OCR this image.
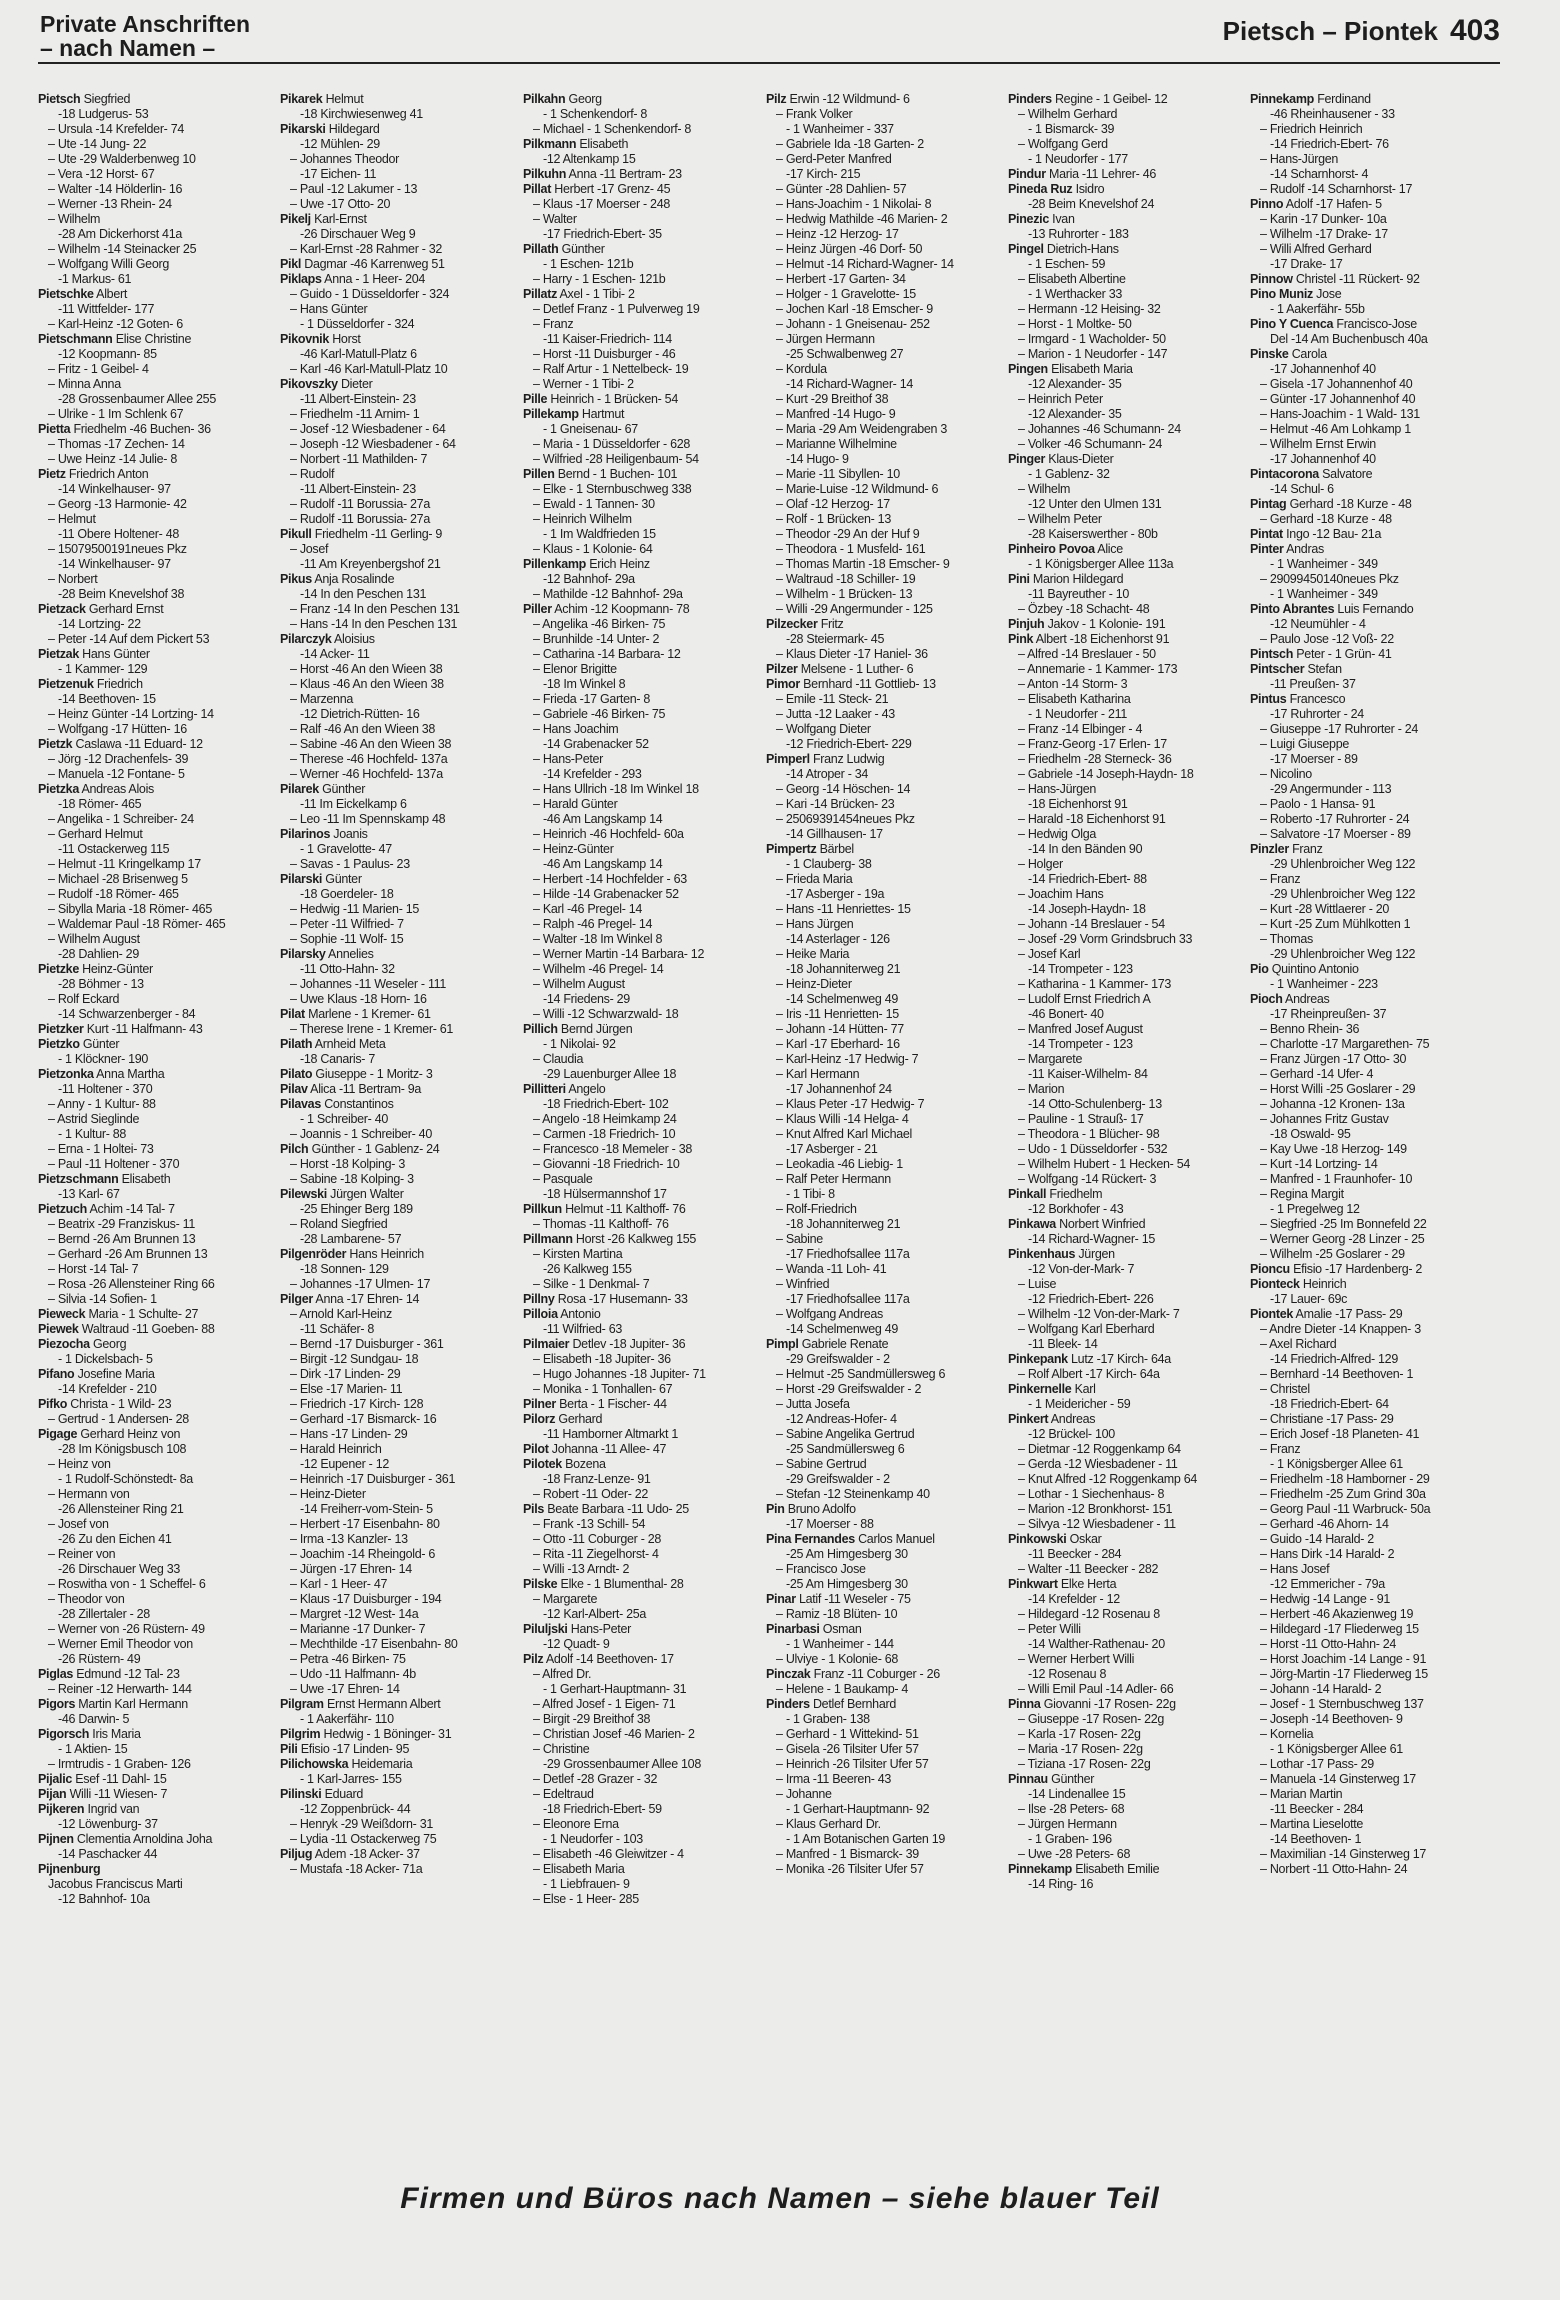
Private Anschriften
– nach Namen –
Pietsch – Piontek 403
Pietsch Siegfried
-18 Ludgerus- 53
– Ursula -14 Krefelder- 74
– Ute -14 Jung- 22
– Ute -29 Walderbenweg 10
– Vera -12 Horst- 67
– Walter -14 Hölderlin- 16
– Werner -13 Rhein- 24
– Wilhelm
-28 Am Dickerhorst 41a
– Wilhelm -14 Steinacker 25
– Wolfgang Willi Georg
-1 Markus- 61
Pietschke Albert
-11 Wittfelder- 177
– Karl-Heinz -12 Goten- 6
Pietschmann Elise Christine
-12 Koopmann- 85
– Fritz - 1 Geibel- 4
– Minna Anna
-28 Grossenbaumer Allee 255
– Ulrike - 1 Im Schlenk 67
Pietta Friedhelm -46 Buchen- 36
– Thomas -17 Zechen- 14
– Uwe Heinz -14 Julie- 8
Pietz Friedrich Anton
-14 Winkelhauser- 97
– Georg -13 Harmonie- 42
– Helmut
-11 Obere Holtener- 48
– 15079500191neues Pkz
-14 Winkelhauser- 97
– Norbert
-28 Beim Knevelshof 38
Pietzack Gerhard Ernst
-14 Lortzing- 22
– Peter -14 Auf dem Pickert 53
Pietzak Hans Günter
- 1 Kammer- 129
Pietzenuk Friedrich
-14 Beethoven- 15
– Heinz Günter -14 Lortzing- 14
– Wolfgang -17 Hütten- 16
Pietzk Caslawa -11 Eduard- 12
– Jörg -12 Drachenfels- 39
– Manuela -12 Fontane- 5
Pietzka Andreas Alois
-18 Römer- 465
– Angelika - 1 Schreiber- 24
– Gerhard Helmut
-11 Ostackerweg 115
– Helmut -11 Kringelkamp 17
– Michael -28 Brisenweg 5
– Rudolf -18 Römer- 465
– Sibylla Maria -18 Römer- 465
– Waldemar Paul -18 Römer- 465
– Wilhelm August
-28 Dahlien- 29
Pietzke Heinz-Günter
-28 Böhmer - 13
– Rolf Eckard
-14 Schwarzenberger - 84
Pietzker Kurt -11 Halfmann- 43
Pietzko Günter
- 1 Klöckner- 190
Pietzonka Anna Martha
-11 Holtener - 370
– Anny - 1 Kultur- 88
– Astrid Sieglinde
- 1 Kultur- 88
– Erna - 1 Holtei- 73
– Paul -11 Holtener - 370
Pietzschmann Elisabeth
-13 Karl- 67
Pietzuch Achim -14 Tal- 7
– Beatrix -29 Franziskus- 11
– Bernd -26 Am Brunnen 13
– Gerhard -26 Am Brunnen 13
– Horst -14 Tal- 7
– Rosa -26 Allensteiner Ring 66
– Silvia -14 Sofien- 1
Pieweck Maria - 1 Schulte- 27
Piewek Waltraud -11 Goeben- 88
Piezocha Georg
- 1 Dickelsbach- 5
Pifano Josefine Maria
-14 Krefelder - 210
Pifko Christa - 1 Wild- 23
– Gertrud - 1 Andersen- 28
Pigage Gerhard Heinz von
-28 Im Königsbusch 108
– Heinz von
- 1 Rudolf-Schönstedt- 8a
– Hermann von
-26 Allensteiner Ring 21
– Josef von
-26 Zu den Eichen 41
– Reiner von
-26 Dirschauer Weg 33
– Roswitha von - 1 Scheffel- 6
– Theodor von
-28 Zillertaler - 28
– Werner von -26 Rüstern- 49
– Werner Emil Theodor von
-26 Rüstern- 49
Piglas Edmund -12 Tal- 23
– Reiner -12 Herwarth- 144
Pigors Martin Karl Hermann
-46 Darwin- 5
Pigorsch Iris Maria
- 1 Aktien- 15
– Irmtrudis - 1 Graben- 126
Pijalic Esef -11 Dahl- 15
Pijan Willi -11 Wiesen- 7
Pijkeren Ingrid van
-12 Löwenburg- 37
Pijnen Clementia Arnoldina Joha
-14 Paschacker 44
Pijnenburg
Jacobus Franciscus Marti
-12 Bahnhof- 10a
Pikarek Helmut
-18 Kirchwiesenweg 41
Pikarski Hildegard
-12 Mühlen- 29
– Johannes Theodor
-17 Eichen- 11
– Paul -12 Lakumer - 13
– Uwe -17 Otto- 20
Pikelj Karl-Ernst
-26 Dirschauer Weg 9
– Karl-Ernst -28 Rahmer - 32
Pikl Dagmar -46 Karrenweg 51
Piklaps Anna - 1 Heer- 204
– Guido - 1 Düsseldorfer - 324
– Hans Günter
- 1 Düsseldorfer - 324
Pikovnik Horst
-46 Karl-Matull-Platz 6
– Karl -46 Karl-Matull-Platz 10
Pikovszky Dieter
-11 Albert-Einstein- 23
– Friedhelm -11 Arnim- 1
– Josef -12 Wiesbadener - 64
– Joseph -12 Wiesbadener - 64
– Norbert -11 Mathilden- 7
– Rudolf
-11 Albert-Einstein- 23
– Rudolf -11 Borussia- 27a
– Rudolf -11 Borussia- 27a
Pikull Friedhelm -11 Gerling- 9
– Josef
-11 Am Kreyenbergshof 21
Pikus Anja Rosalinde
-14 In den Peschen 131
– Franz -14 In den Peschen 131
– Hans -14 In den Peschen 131
Pilarczyk Aloisius
-14 Acker- 11
– Horst -46 An den Wieen 38
– Klaus -46 An den Wieen 38
– Marzenna
-12 Dietrich-Rütten- 16
– Ralf -46 An den Wieen 38
– Sabine -46 An den Wieen 38
– Therese -46 Hochfeld- 137a
– Werner -46 Hochfeld- 137a
Pilarek Günther
-11 Im Eickelkamp 6
– Leo -11 Im Spennskamp 48
Pilarinos Joanis
- 1 Gravelotte- 47
– Savas - 1 Paulus- 23
Pilarski Günter
-18 Goerdeler- 18
– Hedwig -11 Marien- 15
– Peter -11 Wilfried- 7
– Sophie -11 Wolf- 15
Pilarsky Annelies
-11 Otto-Hahn- 32
– Johannes -11 Weseler - 111
– Uwe Klaus -18 Horn- 16
Pilat Marlene - 1 Kremer- 61
– Therese Irene - 1 Kremer- 61
Pilath Arnheid Meta
-18 Canaris- 7
Pilato Giuseppe - 1 Moritz- 3
Pilav Alica -11 Bertram- 9a
Pilavas Constantinos
- 1 Schreiber- 40
– Joannis - 1 Schreiber- 40
Pilch Günther - 1 Gablenz- 24
– Horst -18 Kolping- 3
– Sabine -18 Kolping- 3
Pilewski Jürgen Walter
-25 Ehinger Berg 189
– Roland Siegfried
-28 Lambarene- 57
Pilgenröder Hans Heinrich
-18 Sonnen- 129
– Johannes -17 Ulmen- 17
Pilger Anna -17 Ehren- 14
– Arnold Karl-Heinz
-11 Schäfer- 8
– Bernd -17 Duisburger - 361
– Birgit -12 Sundgau- 18
– Dirk -17 Linden- 29
– Else -17 Marien- 11
– Friedrich -17 Kirch- 128
– Gerhard -17 Bismarck- 16
– Hans -17 Linden- 29
– Harald Heinrich
-12 Eupener - 12
– Heinrich -17 Duisburger - 361
– Heinz-Dieter
-14 Freiherr-vom-Stein- 5
– Herbert -17 Eisenbahn- 80
– Irma -13 Kanzler- 13
– Joachim -14 Rheingold- 6
– Jürgen -17 Ehren- 14
– Karl - 1 Heer- 47
– Klaus -17 Duisburger - 194
– Margret -12 West- 14a
– Marianne -17 Dunker- 7
– Mechthilde -17 Eisenbahn- 80
– Petra -46 Birken- 75
– Udo -11 Halfmann- 4b
– Uwe -17 Ehren- 14
Pilgram Ernst Hermann Albert
- 1 Aakerfähr- 110
Pilgrim Hedwig - 1 Böninger- 31
Pili Efisio -17 Linden- 95
Pilichowska Heidemaria
- 1 Karl-Jarres- 155
Pilinski Eduard
-12 Zoppenbrück- 44
– Henryk -29 Weißdorn- 31
– Lydia -11 Ostackerweg 75
Piljug Adem -18 Acker- 37
– Mustafa -18 Acker- 71a
Pilkahn Georg
- 1 Schenkendorf- 8
– Michael - 1 Schenkendorf- 8
Pilkmann Elisabeth
-12 Altenkamp 15
Pilkuhn Anna -11 Bertram- 23
Pillat Herbert -17 Grenz- 45
– Klaus -17 Moerser - 248
– Walter
-17 Friedrich-Ebert- 35
Pillath Günther
- 1 Eschen- 121b
– Harry - 1 Eschen- 121b
Pillatz Axel - 1 Tibi- 2
– Detlef Franz - 1 Pulverweg 19
– Franz
-11 Kaiser-Friedrich- 114
– Horst -11 Duisburger - 46
– Ralf Artur - 1 Nettelbeck- 19
– Werner - 1 Tibi- 2
Pille Heinrich - 1 Brücken- 54
Pillekamp Hartmut
- 1 Gneisenau- 67
– Maria - 1 Düsseldorfer - 628
– Wilfried -28 Heiligenbaum- 54
Pillen Bernd - 1 Buchen- 101
– Elke - 1 Sternbuschweg 338
– Ewald - 1 Tannen- 30
– Heinrich Wilhelm
- 1 Im Waldfrieden 15
– Klaus - 1 Kolonie- 64
Pillenkamp Erich Heinz
-12 Bahnhof- 29a
– Mathilde -12 Bahnhof- 29a
Piller Achim -12 Koopmann- 78
– Angelika -46 Birken- 75
– Brunhilde -14 Unter- 2
– Catharina -14 Barbara- 12
– Elenor Brigitte
-18 Im Winkel 8
– Frieda -17 Garten- 8
– Gabriele -46 Birken- 75
– Hans Joachim
-14 Grabenacker 52
– Hans-Peter
-14 Krefelder - 293
– Hans Ullrich -18 Im Winkel 18
– Harald Günter
-46 Am Langskamp 14
– Heinrich -46 Hochfeld- 60a
– Heinz-Günter
-46 Am Langskamp 14
– Herbert -14 Hochfelder - 63
– Hilde -14 Grabenacker 52
– Karl -46 Pregel- 14
– Ralph -46 Pregel- 14
– Walter -18 Im Winkel 8
– Werner Martin -14 Barbara- 12
– Wilhelm -46 Pregel- 14
– Wilhelm August
-14 Friedens- 29
– Willi -12 Schwarzwald- 18
Pillich Bernd Jürgen
- 1 Nikolai- 92
– Claudia
-29 Lauenburger Allee 18
Pillitteri Angelo
-18 Friedrich-Ebert- 102
– Angelo -18 Heimkamp 24
– Carmen -18 Friedrich- 10
– Francesco -18 Memeler - 38
– Giovanni -18 Friedrich- 10
– Pasquale
-18 Hülsermannshof 17
Pillkun Helmut -11 Kalthoff- 76
– Thomas -11 Kalthoff- 76
Pillmann Horst -26 Kalkweg 155
– Kirsten Martina
-26 Kalkweg 155
– Silke - 1 Denkmal- 7
Pillny Rosa -17 Husemann- 33
Pilloia Antonio
-11 Wilfried- 63
Pilmaier Detlev -18 Jupiter- 36
– Elisabeth -18 Jupiter- 36
– Hugo Johannes -18 Jupiter- 71
– Monika - 1 Tonhallen- 67
Pilner Berta - 1 Fischer- 44
Pilorz Gerhard
-11 Hamborner Altmarkt 1
Pilot Johanna -11 Allee- 47
Pilotek Bozena
-18 Franz-Lenze- 91
– Robert -11 Oder- 22
Pils Beate Barbara -11 Udo- 25
– Frank -13 Schill- 54
– Otto -11 Coburger - 28
– Rita -11 Ziegelhorst- 4
– Willi -13 Arndt- 2
Pilske Elke - 1 Blumenthal- 28
– Margarete
-12 Karl-Albert- 25a
Piluljski Hans-Peter
-12 Quadt- 9
Pilz Adolf -14 Beethoven- 17
– Alfred Dr.
- 1 Gerhart-Hauptmann- 31
– Alfred Josef - 1 Eigen- 71
– Birgit -29 Breithof 38
– Christian Josef -46 Marien- 2
– Christine
-29 Grossenbaumer Allee 108
– Detlef -28 Grazer - 32
– Edeltraud
-18 Friedrich-Ebert- 59
– Eleonore Erna
- 1 Neudorfer - 103
– Elisabeth -46 Gleiwitzer - 4
– Elisabeth Maria
- 1 Liebfrauen- 9
– Else - 1 Heer- 285
Pilz Erwin -12 Wildmund- 6
– Frank Volker
- 1 Wanheimer - 337
– Gabriele Ida -18 Garten- 2
– Gerd-Peter Manfred
-17 Kirch- 215
– Günter -28 Dahlien- 57
– Hans-Joachim - 1 Nikolai- 8
– Hedwig Mathilde -46 Marien- 2
– Heinz -12 Herzog- 17
– Heinz Jürgen -46 Dorf- 50
– Helmut -14 Richard-Wagner- 14
– Herbert -17 Garten- 34
– Holger - 1 Gravelotte- 15
– Jochen Karl -18 Emscher- 9
– Johann - 1 Gneisenau- 252
– Jürgen Hermann
-25 Schwalbenweg 27
– Kordula
-14 Richard-Wagner- 14
– Kurt -29 Breithof 38
– Manfred -14 Hugo- 9
– Maria -29 Am Weidengraben 3
– Marianne Wilhelmine
-14 Hugo- 9
– Marie -11 Sibyllen- 10
– Marie-Luise -12 Wildmund- 6
– Olaf -12 Herzog- 17
– Rolf - 1 Brücken- 13
– Theodor -29 An der Huf 9
– Theodora - 1 Musfeld- 161
– Thomas Martin -18 Emscher- 9
– Waltraud -18 Schiller- 19
– Wilhelm - 1 Brücken- 13
– Willi -29 Angermunder - 125
Pilzecker Fritz
-28 Steiermark- 45
– Klaus Dieter -17 Haniel- 36
Pilzer Melsene - 1 Luther- 6
Pimor Bernhard -11 Gottlieb- 13
– Emile -11 Steck- 21
– Jutta -12 Laaker - 43
– Wolfgang Dieter
-12 Friedrich-Ebert- 229
Pimperl Franz Ludwig
-14 Atroper - 34
– Georg -14 Höschen- 14
– Kari -14 Brücken- 23
– 25069391454neues Pkz
-14 Gillhausen- 17
Pimpertz Bärbel
- 1 Clauberg- 38
– Frieda Maria
-17 Asberger - 19a
– Hans -11 Henriettes- 15
– Hans Jürgen
-14 Asterlager - 126
– Heike Maria
-18 Johanniterweg 21
– Heinz-Dieter
-14 Schelmenweg 49
– Iris -11 Henrietten- 15
– Johann -14 Hütten- 77
– Karl -17 Eberhard- 16
– Karl-Heinz -17 Hedwig- 7
– Karl Hermann
-17 Johannenhof 24
– Klaus Peter -17 Hedwig- 7
– Klaus Willi -14 Helga- 4
– Knut Alfred Karl Michael
-17 Asberger - 21
– Leokadia -46 Liebig- 1
– Ralf Peter Hermann
- 1 Tibi- 8
– Rolf-Friedrich
-18 Johanniterweg 21
– Sabine
-17 Friedhofsallee 117a
– Wanda -11 Loh- 41
– Winfried
-17 Friedhofsallee 117a
– Wolfgang Andreas
-14 Schelmenweg 49
Pimpl Gabriele Renate
-29 Greifswalder - 2
– Helmut -25 Sandmüllersweg 6
– Horst -29 Greifswalder - 2
– Jutta Josefa
-12 Andreas-Hofer- 4
– Sabine Angelika Gertrud
-25 Sandmüllersweg 6
– Sabine Gertrud
-29 Greifswalder - 2
– Stefan -12 Steinenkamp 40
Pin Bruno Adolfo
-17 Moerser - 88
Pina Fernandes Carlos Manuel
-25 Am Himgesberg 30
– Francisco Jose
-25 Am Himgesberg 30
Pinar Latif -11 Weseler - 75
– Ramiz -18 Blüten- 10
Pinarbasi Osman
- 1 Wanheimer - 144
– Ulviye - 1 Kolonie- 68
Pinczak Franz -11 Coburger - 26
– Helene - 1 Baukamp- 4
Pinders Detlef Bernhard
- 1 Graben- 138
– Gerhard - 1 Wittekind- 51
– Gisela -26 Tilsiter Ufer 57
– Heinrich -26 Tilsiter Ufer 57
– Irma -11 Beeren- 43
– Johanne
- 1 Gerhart-Hauptmann- 92
– Klaus Gerhard Dr.
- 1 Am Botanischen Garten 19
– Manfred - 1 Bismarck- 39
– Monika -26 Tilsiter Ufer 57
Pinders Regine - 1 Geibel- 12
– Wilhelm Gerhard
- 1 Bismarck- 39
– Wolfgang Gerd
- 1 Neudorfer - 177
Pindur Maria -11 Lehrer- 46
Pineda Ruz Isidro
-28 Beim Knevelshof 24
Pinezic Ivan
-13 Ruhrorter - 183
Pingel Dietrich-Hans
- 1 Eschen- 59
– Elisabeth Albertine
- 1 Werthacker 33
– Hermann -12 Heising- 32
– Horst - 1 Moltke- 50
– Irmgard - 1 Wacholder- 50
– Marion - 1 Neudorfer - 147
Pingen Elisabeth Maria
-12 Alexander- 35
– Heinrich Peter
-12 Alexander- 35
– Johannes -46 Schumann- 24
– Volker -46 Schumann- 24
Pinger Klaus-Dieter
- 1 Gablenz- 32
– Wilhelm
-12 Unter den Ulmen 131
– Wilhelm Peter
-28 Kaiserswerther - 80b
Pinheiro Povoa Alice
- 1 Königsberger Allee 113a
Pini Marion Hildegard
-11 Bayreuther - 10
– Özbey -18 Schacht- 48
Pinjuh Jakov - 1 Kolonie- 191
Pink Albert -18 Eichenhorst 91
– Alfred -14 Breslauer - 50
– Annemarie - 1 Kammer- 173
– Anton -14 Storm- 3
– Elisabeth Katharina
- 1 Neudorfer - 211
– Franz -14 Elbinger - 4
– Franz-Georg -17 Erlen- 17
– Friedhelm -28 Sterneck- 36
– Gabriele -14 Joseph-Haydn- 18
– Hans-Jürgen
-18 Eichenhorst 91
– Harald -18 Eichenhorst 91
– Hedwig Olga
-14 In den Bänden 90
– Holger
-14 Friedrich-Ebert- 88
– Joachim Hans
-14 Joseph-Haydn- 18
– Johann -14 Breslauer - 54
– Josef -29 Vorm Grindsbruch 33
– Josef Karl
-14 Trompeter - 123
– Katharina - 1 Kammer- 173
– Ludolf Ernst Friedrich A
-46 Bonert- 40
– Manfred Josef August
-14 Trompeter - 123
– Margarete
-11 Kaiser-Wilhelm- 84
– Marion
-14 Otto-Schulenberg- 13
– Pauline - 1 Strauß- 17
– Theodora - 1 Blücher- 98
– Udo - 1 Düsseldorfer - 532
– Wilhelm Hubert - 1 Hecken- 54
– Wolfgang -14 Rückert- 3
Pinkall Friedhelm
-12 Borkhofer - 43
Pinkawa Norbert Winfried
-14 Richard-Wagner- 15
Pinkenhaus Jürgen
-12 Von-der-Mark- 7
– Luise
-12 Friedrich-Ebert- 226
– Wilhelm -12 Von-der-Mark- 7
– Wolfgang Karl Eberhard
-11 Bleek- 14
Pinkepank Lutz -17 Kirch- 64a
– Rolf Albert -17 Kirch- 64a
Pinkernelle Karl
- 1 Meidericher - 59
Pinkert Andreas
-12 Brückel- 100
– Dietmar -12 Roggenkamp 64
– Gerda -12 Wiesbadener - 11
– Knut Alfred -12 Roggenkamp 64
– Lothar - 1 Siechenhaus- 8
– Marion -12 Bronkhorst- 151
– Silvya -12 Wiesbadener - 11
Pinkowski Oskar
-11 Beecker - 284
– Walter -11 Beecker - 282
Pinkwart Elke Herta
-14 Krefelder - 12
– Hildegard -12 Rosenau 8
– Peter Willi
-14 Walther-Rathenau- 20
– Werner Herbert Willi
-12 Rosenau 8
– Willi Emil Paul -14 Adler- 66
Pinna Giovanni -17 Rosen- 22g
– Giuseppe -17 Rosen- 22g
– Karla -17 Rosen- 22g
– Maria -17 Rosen- 22g
– Tiziana -17 Rosen- 22g
Pinnau Günther
-14 Lindenallee 15
– Ilse -28 Peters- 68
– Jürgen Hermann
- 1 Graben- 196
– Uwe -28 Peters- 68
Pinnekamp Elisabeth Emilie
-14 Ring- 16
Pinnekamp Ferdinand
-46 Rheinhausener - 33
– Friedrich Heinrich
-14 Friedrich-Ebert- 76
– Hans-Jürgen
-14 Scharnhorst- 4
– Rudolf -14 Scharnhorst- 17
Pinno Adolf -17 Hafen- 5
– Karin -17 Dunker- 10a
– Wilhelm -17 Drake- 17
– Willi Alfred Gerhard
-17 Drake- 17
Pinnow Christel -11 Rückert- 92
Pino Muniz Jose
- 1 Aakerfähr- 55b
Pino Y Cuenca Francisco-Jose
Del -14 Am Buchenbusch 40a
Pinske Carola
-17 Johannenhof 40
– Gisela -17 Johannenhof 40
– Günter -17 Johannenhof 40
– Hans-Joachim - 1 Wald- 131
– Helmut -46 Am Lohkamp 1
– Wilhelm Ernst Erwin
-17 Johannenhof 40
Pintacorona Salvatore
-14 Schul- 6
Pintag Gerhard -18 Kurze - 48
– Gerhard -18 Kurze - 48
Pintat Ingo -12 Bau- 21a
Pinter Andras
- 1 Wanheimer - 349
– 29099450140neues Pkz
- 1 Wanheimer - 349
Pinto Abrantes Luis Fernando
-12 Neumühler - 4
– Paulo Jose -12 Voß- 22
Pintsch Peter - 1 Grün- 41
Pintscher Stefan
-11 Preußen- 37
Pintus Francesco
-17 Ruhrorter - 24
– Giuseppe -17 Ruhrorter - 24
– Luigi Giuseppe
-17 Moerser - 89
– Nicolino
-29 Angermunder - 113
– Paolo - 1 Hansa- 91
– Roberto -17 Ruhrorter - 24
– Salvatore -17 Moerser - 89
Pinzler Franz
-29 Uhlenbroicher Weg 122
– Franz
-29 Uhlenbroicher Weg 122
– Kurt -28 Wittlaerer - 20
– Kurt -25 Zum Mühlkotten 1
– Thomas
-29 Uhlenbroicher Weg 122
Pio Quintino Antonio
- 1 Wanheimer - 223
Pioch Andreas
-17 Rheinpreußen- 37
– Benno Rhein- 36
– Charlotte -17 Margarethen- 75
– Franz Jürgen -17 Otto- 30
– Gerhard -14 Ufer- 4
– Horst Willi -25 Goslarer - 29
– Johanna -12 Kronen- 13a
– Johannes Fritz Gustav
-18 Oswald- 95
– Kay Uwe -18 Herzog- 149
– Kurt -14 Lortzing- 14
– Manfred - 1 Fraunhofer- 10
– Regina Margit
- 1 Pregelweg 12
– Siegfried -25 Im Bonnefeld 22
– Werner Georg -28 Linzer - 25
– Wilhelm -25 Goslarer - 29
Pioncu Efisio -17 Hardenberg- 2
Pionteck Heinrich
-17 Lauer- 69c
Piontek Amalie -17 Pass- 29
– Andre Dieter -14 Knappen- 3
– Axel Richard
-14 Friedrich-Alfred- 129
– Bernhard -14 Beethoven- 1
– Christel
-18 Friedrich-Ebert- 64
– Christiane -17 Pass- 29
– Erich Josef -18 Planeten- 41
– Franz
- 1 Königsberger Allee 61
– Friedhelm -18 Hamborner - 29
– Friedhelm -25 Zum Grind 30a
– Georg Paul -11 Warbruck- 50a
– Gerhard -46 Ahorn- 14
– Guido -14 Harald- 2
– Hans Dirk -14 Harald- 2
– Hans Josef
-12 Emmericher - 79a
– Hedwig -14 Lange - 91
– Herbert -46 Akazienweg 19
– Hildegard -17 Fliederweg 15
– Horst -11 Otto-Hahn- 24
– Horst Joachim -14 Lange - 91
– Jörg-Martin -17 Fliederweg 15
– Johann -14 Harald- 2
– Josef - 1 Sternbuschweg 137
– Joseph -14 Beethoven- 9
– Kornelia
- 1 Königsberger Allee 61
– Lothar -17 Pass- 29
– Manuela -14 Ginsterweg 17
– Marian Martin
-11 Beecker - 284
– Martina Lieselotte
-14 Beethoven- 1
– Maximilian -14 Ginsterweg 17
– Norbert -11 Otto-Hahn- 24
Firmen und Büros nach Namen – siehe blauer Teil
